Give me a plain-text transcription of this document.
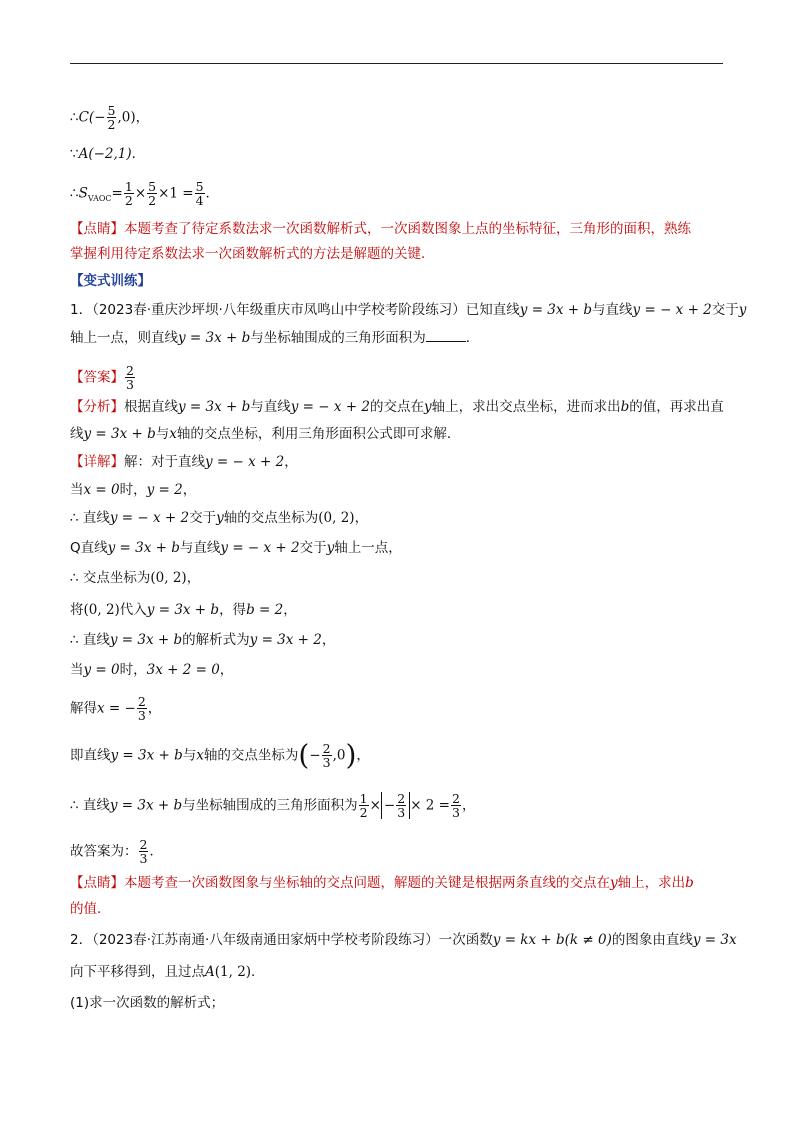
∴C(− $\frac{5}{2} ,0$)，
∵A(−2,1)．
$\therefore S_{VAOC}= \frac{1}{2} \times \frac{5}{2} \times 1 = \frac{5}{4}$ ．
【点睛】本题考查了待定系数法求一次函数解析式，一次函数图象上点的坐标特征，三角形的面积，熟练
掌握利用待定系数法求一次函数解析式的方法是解题的关键．
【变式训练】
1．（2023春·重庆沙坪坝·八年级重庆市凤鸣山中学校考阶段练习）已知直线y = 3x + b与直线y = − x + 2交于y
轴上一点，则直线y = 3x + b与坐标轴围成的三角形面积为	．
【答案】 $\frac{2}{3}$
【分析】根据直线y = 3x + b与直线y = − x + 2的交点在y轴上，求出交点坐标，进而求出b的值，再求出直
线y = 3x + b与x轴的交点坐标，利用三角形面积公式即可求解．
【详解】解：对于直线y = − x + 2，
当x = 0时，y = 2，
∴ 直线y = − x + 2交于y轴的交点坐标为(0, 2)，
Q直线y = 3x + b与直线y = − x + 2交于y轴上一点，
∴ 交点坐标为(0, 2)，
将(0, 2)代入y = 3x + b，得b = 2，
∴ 直线y = 3x + b的解析式为y = 3x + 2，
当y = 0时，3x + 2 = 0，
解得x = − $\frac{2}{3}$ ，
即直线y = 3x + b与x轴的交点坐标为(− $\frac{2}{3} ,0$)，
∴ 直线y = 3x + b与坐标轴围成的三角形面积为 $\frac{1}{2}$ × − $\frac{2}{3} \times 2 = \frac{2}{3}$ ，
故答案为： $\frac{2}{3}$ ．
【点睛】本题考查一次函数图象与坐标轴的交点问题，解题的关键是根据两条直线的交点在y轴上，求出b
的值．
2．（2023春·江苏南通·八年级南通田家炳中学校考阶段练习）一次函数y = kx + b(k ≠ 0)的图象由直线y = 3x
向下平移得到，且过点A(1, 2)．
(1)求一次函数的解析式；
